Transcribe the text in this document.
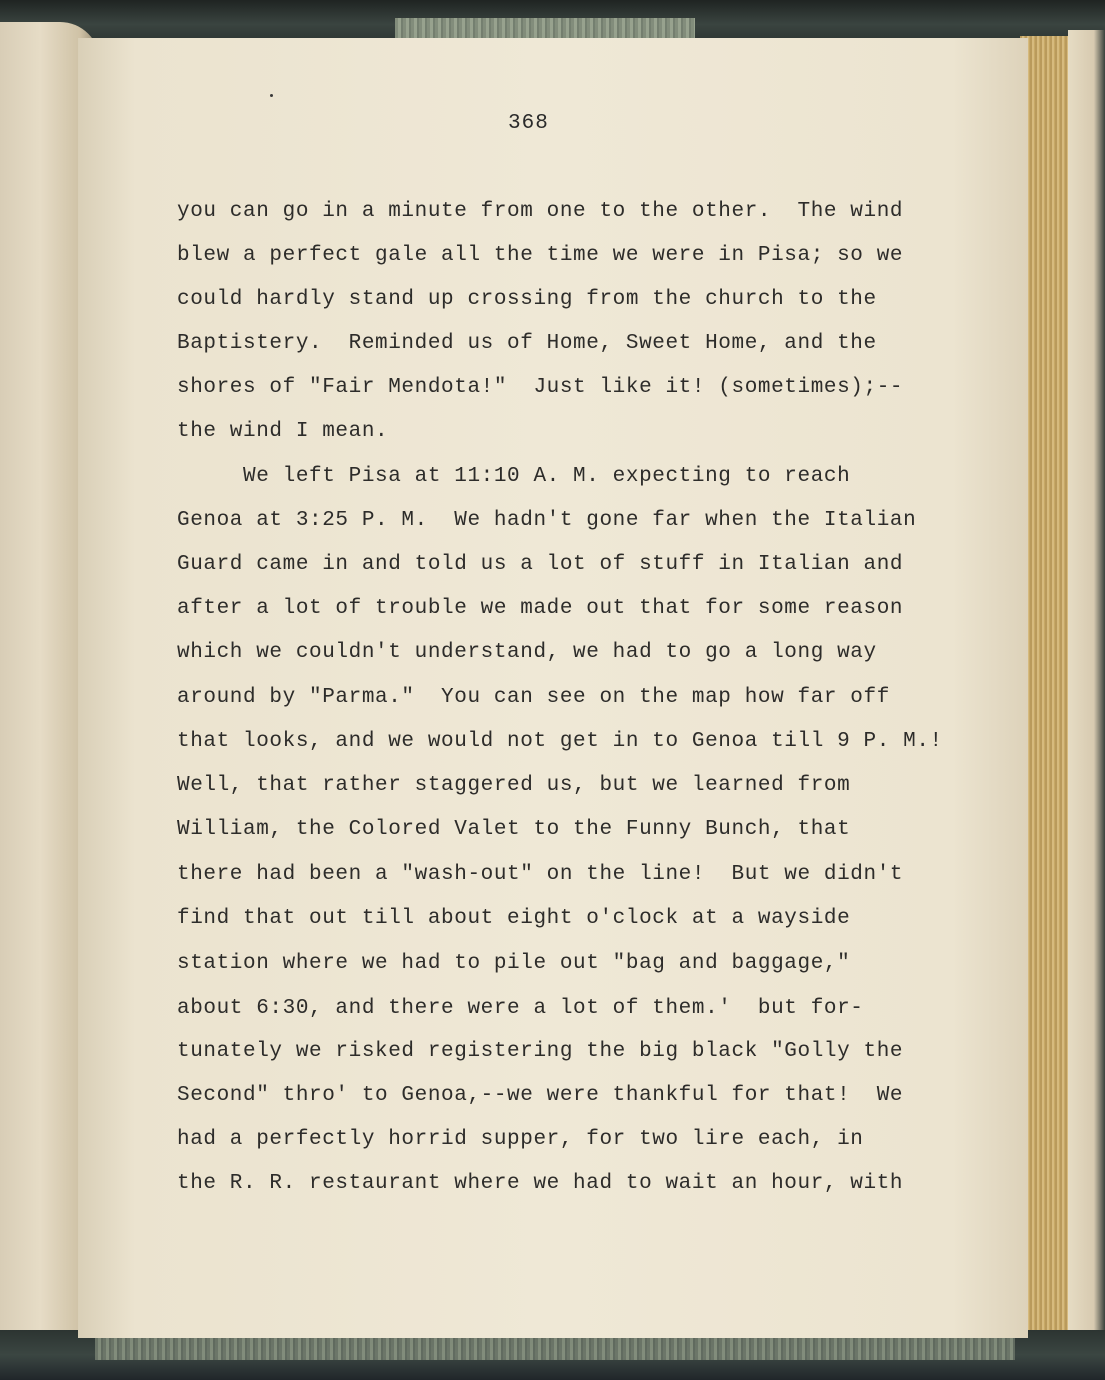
368
you can go in a minute from one to the other.  The wind
blew a perfect gale all the time we were in Pisa; so we
could hardly stand up crossing from the church to the
Baptistery.  Reminded us of Home, Sweet Home, and the
shores of "Fair Mendota!"  Just like it! (sometimes);--
the wind I mean.
We left Pisa at 11:10 A. M. expecting to reach
Genoa at 3:25 P. M.  We hadn't gone far when the Italian
Guard came in and told us a lot of stuff in Italian and
after a lot of trouble we made out that for some reason
which we couldn't understand, we had to go a long way
around by "Parma."  You can see on the map how far off
that looks, and we would not get in to Genoa till 9 P. M.!
Well, that rather staggered us, but we learned from
William, the Colored Valet to the Funny Bunch, that
there had been a "wash-out" on the line!  But we didn't
find that out till about eight o'clock at a wayside
station where we had to pile out "bag and baggage,"
about 6:30, and there were a lot of them.'  but for-
tunately we risked registering the big black "Golly the
Second" thro' to Genoa,--we were thankful for that!  We
had a perfectly horrid supper, for two lire each, in
the R. R. restaurant where we had to wait an hour, with
